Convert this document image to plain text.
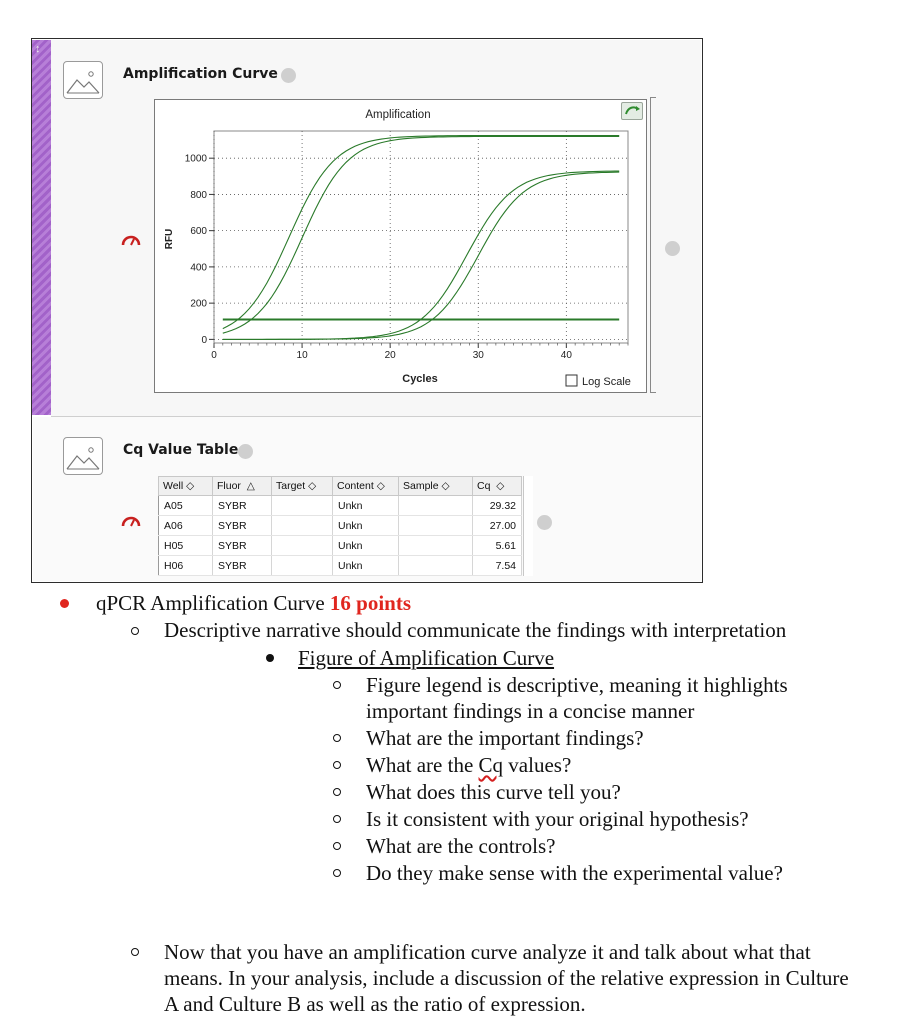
↕
Amplification Curve
Amplification
Cycles
RFU
0
200
400
600
800
1000
0	10	20	30	40
Log Scale
Cq Value Table
Well ◇	Fluor  △	Target ◇	Content ◇	Sample ◇	Cq  ◇
A05	SYBR		Unkn		29.32
A06	SYBR		Unkn		27.00
H05	SYBR		Unkn		5.61
H06	SYBR		Unkn		7.54
qPCR Amplification Curve 16 points
Descriptive narrative should communicate the findings with interpretation
Figure of Amplification Curve
Figure legend is descriptive, meaning it highlights
important findings in a concise manner
What are the important findings?
What are the Cq values?
What does this curve tell you?
Is it consistent with your original hypothesis?
What are the controls?
Do they make sense with the experimental value?
Now that you have an amplification curve analyze it and talk about what that
means. In your analysis, include a discussion of the relative expression in Culture
A and Culture B as well as the ratio of expression.
